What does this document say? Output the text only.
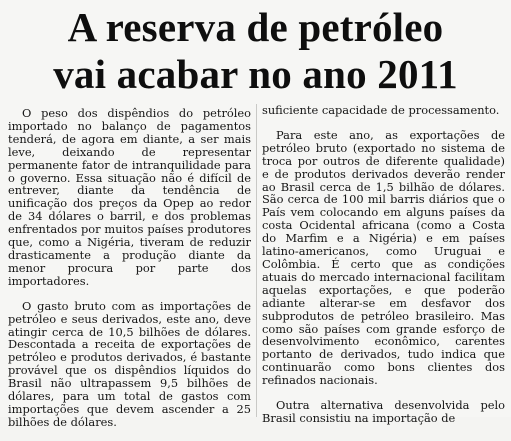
A reserva de petróleo
vai acabar no ano 2011

O peso dos dispêndios do petróleo importado no balanço de pagamentos tenderá, de agora em diante, a ser mais leve, deixando de representar permanente fator de intranquilidade para o governo. Essa situação não é difícil de entrever, diante da tendência de unificação dos preços da Opep ao redor de 34 dólares o barril, e dos problemas enfrentados por muitos países produtores que, como a Nigéria, tiveram de reduzir drasticamente a produção diante da menor procura por parte dos importadores.

O gasto bruto com as importações de petróleo e seus derivados, este ano, deve atingir cerca de 10,5 bilhões de dólares. Descontada a receita de exportações de petróleo e produtos derivados, é bastante provável que os dispêndios líquidos do Brasil não ultrapassem 9,5 bilhões de dólares, para um total de gastos com importações que devem ascender a 25 bilhões de dólares.

suficiente capacidade de processamento.

Para este ano, as exportações de petróleo bruto (exportado no sistema de troca por outros de diferente qualidade) e de produtos derivados deverão render ao Brasil cerca de 1,5 bilhão de dólares. São cerca de 100 mil barris diários que o País vem colocando em alguns países da costa Ocidental africana (como a Costa do Marfim e a Nigéria) e em países latino-americanos, como Uruguai e Colômbia. É certo que as condições atuais do mercado internacional facilitam aquelas exportações, e que poderão adiante alterar-se em desfavor dos subprodutos de petróleo brasileiro. Mas como são países com grande esforço de desenvolvimento econômico, carentes portanto de derivados, tudo indica que continuarão como bons clientes dos refinados nacionais.

Outra alternativa desenvolvida pelo Brasil consistiu na importação de
